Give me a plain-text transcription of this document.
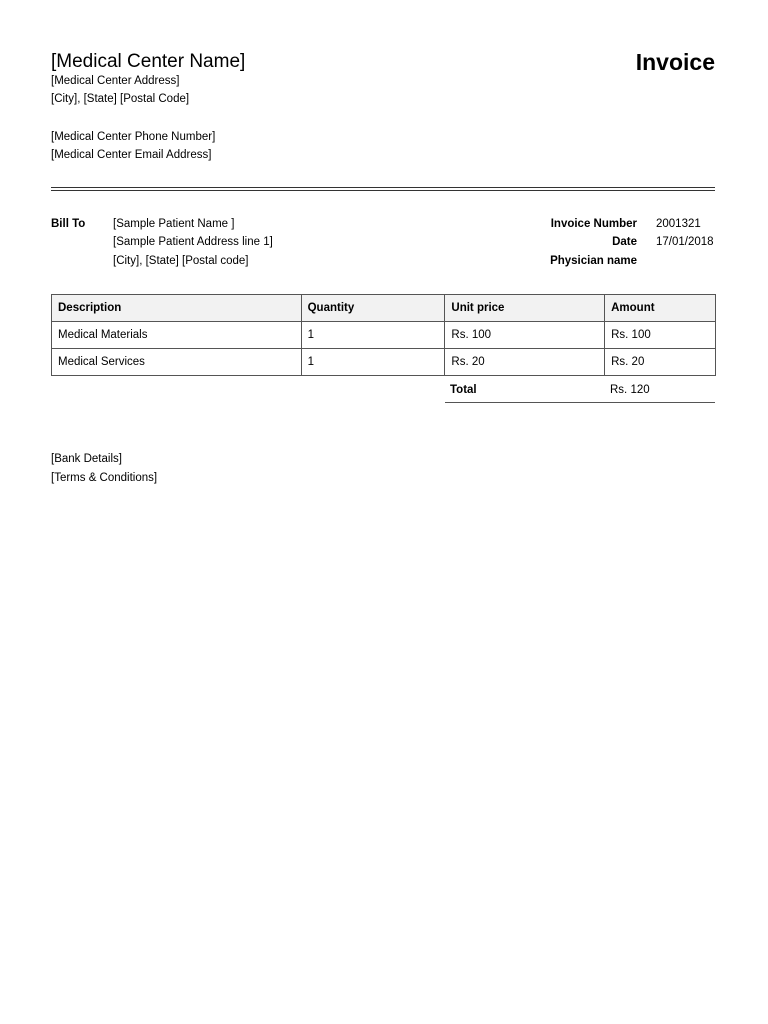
[Medical Center Name]	Invoice
[Medical Center Address]
[City], [State] [Postal Code]
[Medical Center Phone Number]
[Medical Center Email Address]
Bill To [Sample Patient Name ]
[Sample Patient Address line 1]
[City], [State] [Postal code]
Invoice Number 2001321
Date 17/01/2018
Physician name
Description	Quantity	Unit price	Amount
Medical Materials	1	Rs. 100	Rs. 100
Medical Services	1	Rs. 20	Rs. 20
Total	Rs. 120
[Bank Details]
[Terms & Conditions]
